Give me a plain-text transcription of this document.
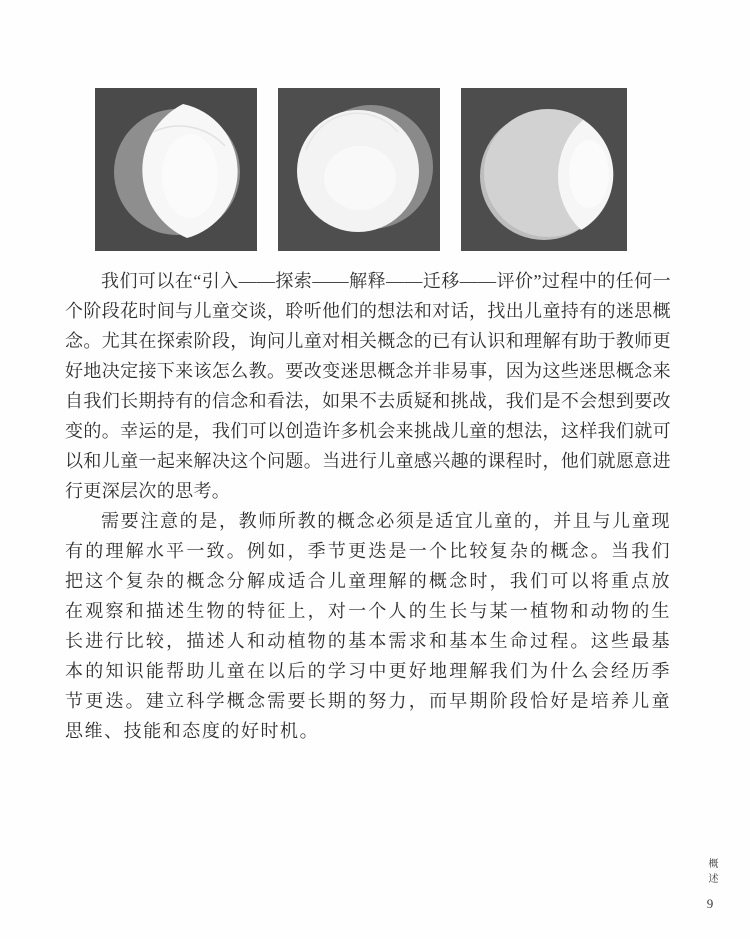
我们可以在“引入——探索——解释——迁移——评价”过程中的任何一个阶段花时间与儿童交谈，聆听他们的想法和对话，找出儿童持有的迷思概念。尤其在探索阶段，询问儿童对相关概念的已有认识和理解有助于教师更好地决定接下来该怎么教。要改变迷思概念并非易事，因为这些迷思概念来自我们长期持有的信念和看法，如果不去质疑和挑战，我们是不会想到要改变的。幸运的是，我们可以创造许多机会来挑战儿童的想法，这样我们就可以和儿童一起来解决这个问题。当进行儿童感兴趣的课程时，他们就愿意进行更深层次的思考。

需要注意的是，教师所教的概念必须是适宜儿童的，并且与儿童现有的理解水平一致。例如，季节更迭是一个比较复杂的概念。当我们把这个复杂的概念分解成适合儿童理解的概念时，我们可以将重点放在观察和描述生物的特征上，对一个人的生长与某一植物和动物的生长进行比较，描述人和动植物的基本需求和基本生命过程。这些最基本的知识能帮助儿童在以后的学习中更好地理解我们为什么会经历季节更迭。建立科学概念需要长期的努力，而早期阶段恰好是培养儿童思维、技能和态度的好时机。

概述
9
